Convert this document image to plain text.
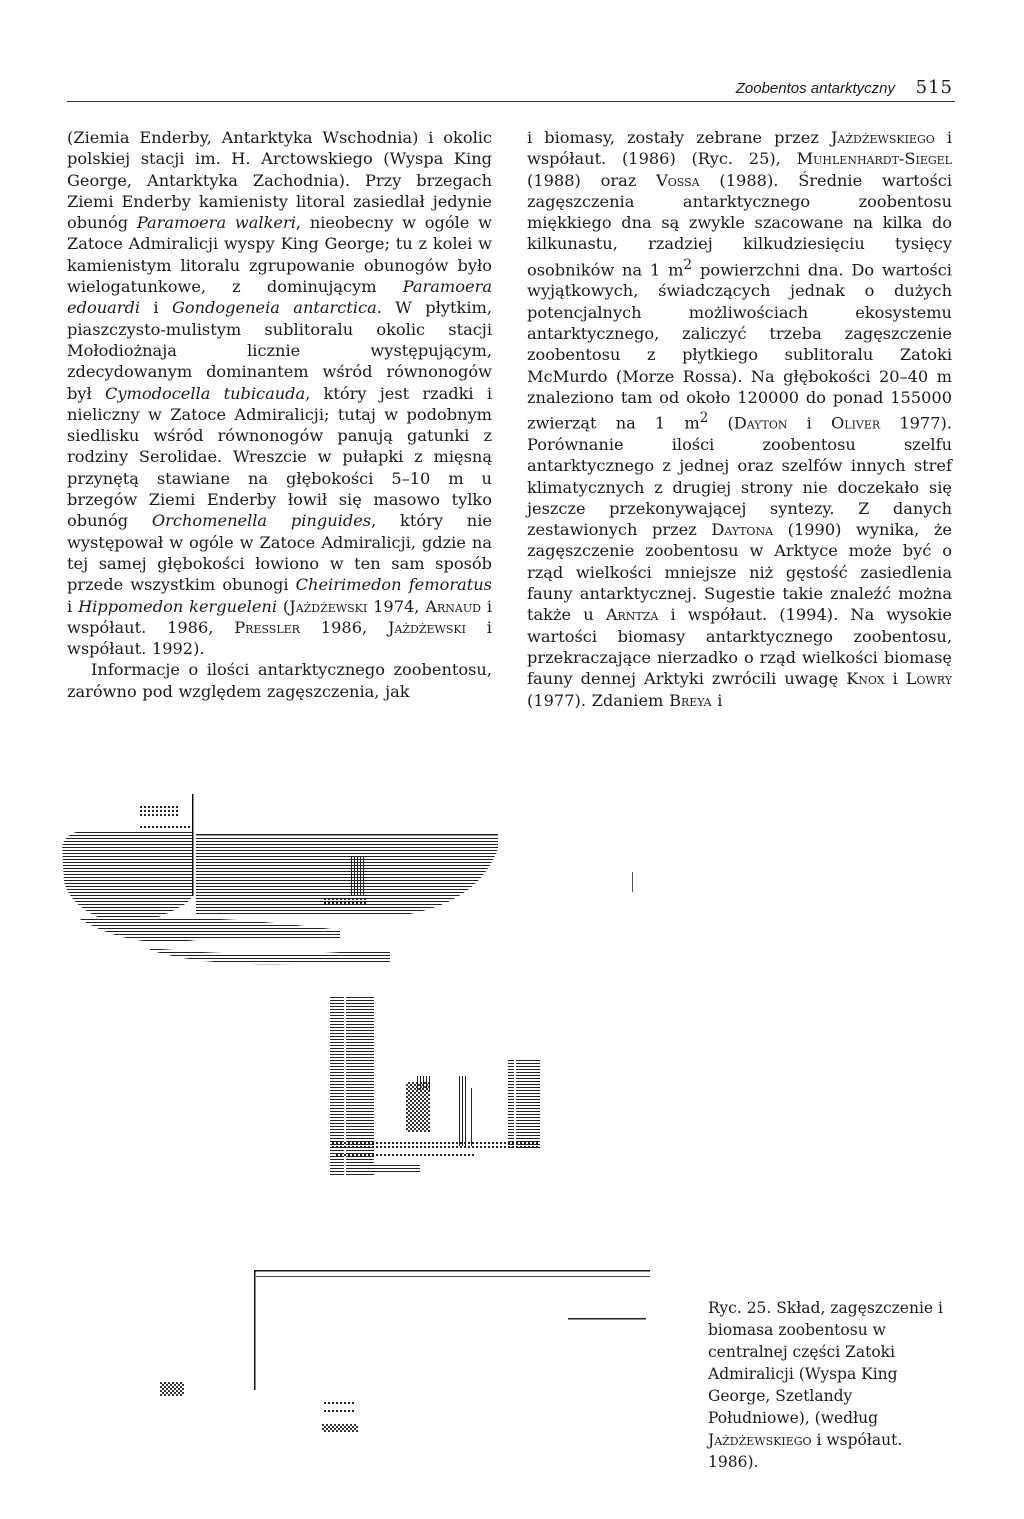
Zoobentos antarktyczny 515

(Ziemia Enderby, Antarktyka Wschodnia) i okolic polskiej stacji im. H. Arctowskiego (Wyspa King George, Antarktyka Zachodnia). Przy brzegach Ziemi Enderby kamienisty litoral zasiedlał jedynie obunóg Paramoera walkeri, nieobecny w ogóle w Zatoce Admiralicji wyspy King George; tu z kolei w kamienistym litoralu zgrupowanie obunogów było wielogatunkowe, z dominującym Paramoera edouardi i Gondogeneia antarctica. W płytkim, piaszczysto-mulistym sublitoralu okolic stacji Mołodiożnaja licznie występującym, zdecydowanym dominantem wśród równonogów był Cymodocella tubicauda, który jest rzadki i nieliczny w Zatoce Admiralicji; tutaj w podobnym siedlisku wśród równonogów panują gatunki z rodziny Serolidae. Wreszcie w pułapki z mięsną przynętą stawiane na głębokości 5–10 m u brzegów Ziemi Enderby łowił się masowo tylko obunóg Orchomenella pinguides, który nie występował w ogóle w Zatoce Admiralicji, gdzie na tej samej głębokości łowiono w ten sam sposób przede wszystkim obunogi Cheirimedon femoratus i Hippomedon kergueleni (Jażdżewski 1974, Arnaud i współaut. 1986, Pressler 1986, Jażdżewski i współaut. 1992).

Informacje o ilości antarktycznego zoobentosu, zarówno pod względem zagęszczenia, jak

i biomasy, zostały zebrane przez Jażdżewskiego i współaut. (1986) (Ryc. 25), Muhlenhardt-Siegel (1988) oraz Vossa (1988). Średnie wartości zagęszczenia antarktycznego zoobentosu miękkiego dna są zwykle szacowane na kilka do kilkunastu, rzadziej kilkudziesięciu tysięcy osobników na 1 $m^2$ powierzchni dna. Do wartości wyjątkowych, świadczących jednak o dużych potencjalnych możliwościach ekosystemu antarktycznego, zaliczyć trzeba zagęszczenie zoobentosu z płytkiego sublitoralu Zatoki McMurdo (Morze Rossa). Na głębokości 20–40 m znaleziono tam od około 120000 do ponad 155000 zwierząt na 1 $m^2$ (Dayton i Oliver 1977). Porównanie ilości zoobentosu szelfu antarktycznego z jednej oraz szelfów innych stref klimatycznych z drugiej strony nie doczekało się jeszcze przekonywającej syntezy. Z danych zestawionych przez Daytona (1990) wynika, że zagęszczenie zoobentosu w Arktyce może być o rząd wielkości mniejsze niż gęstość zasiedlenia fauny antarktycznej. Sugestie takie znaleźć można także u Arntza i współaut. (1994). Na wysokie wartości biomasy antarktycznego zoobentosu, przekraczające nierzadko o rząd wielkości biomasę fauny dennej Arktyki zwrócili uwagę Knox i Lowry (1977). Zdaniem Breya i

Ryc. 25. Skład, zagęszczenie i biomasa zoobentosu w centralnej części Zatoki Admiralicji (Wyspa King George, Szetlandy Południowe), (według Jażdżewskiego i współaut. 1986).
